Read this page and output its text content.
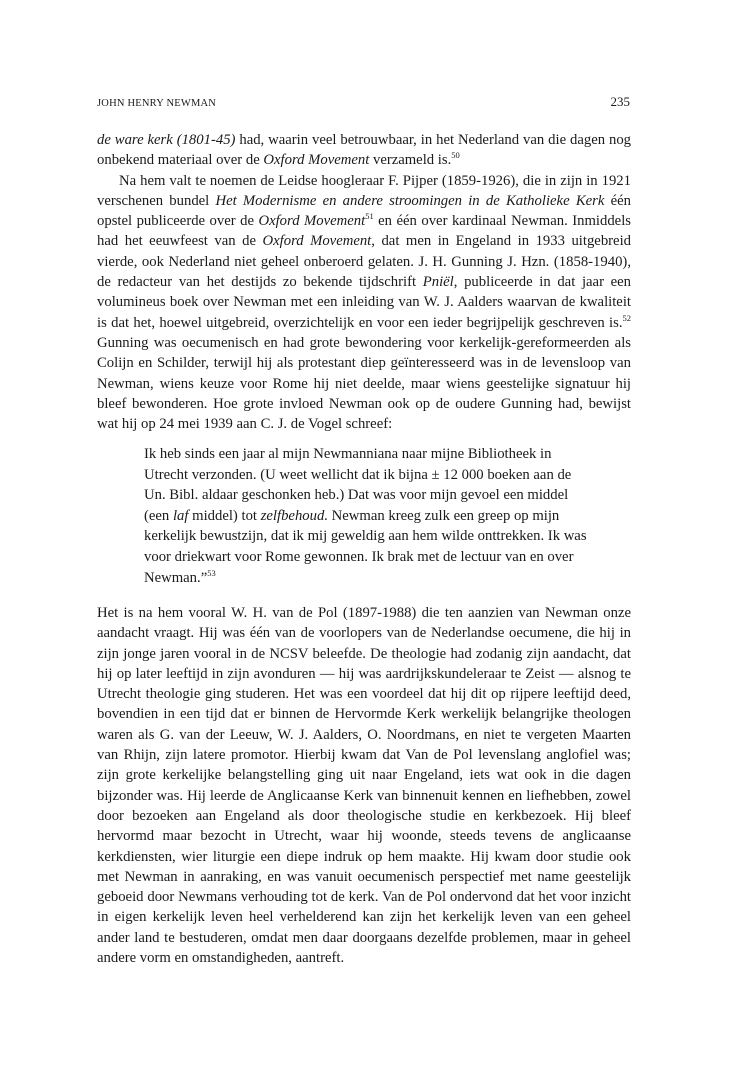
JOHN HENRY NEWMAN	235

de ware kerk (1801-45) had, waarin veel betrouwbaar, in het Nederland van die dagen nog onbekend materiaal over de Oxford Movement verzameld is.$^{50}$

Na hem valt te noemen de Leidse hoogleraar F. Pijper (1859-1926), die in zijn in 1921 verschenen bundel Het Modernisme en andere stroomingen in de Katholieke Kerk één opstel publiceerde over de Oxford Movement$^{51}$ en één over kardinaal Newman. Inmiddels had het eeuwfeest van de Oxford Movement, dat men in Engeland in 1933 uitgebreid vierde, ook Nederland niet geheel onberoerd gelaten. J. H. Gunning J. Hzn. (1858-1940), de redacteur van het destijds zo bekende tijdschrift Pniël, publiceerde in dat jaar een volumineus boek over Newman met een inleiding van W. J. Aalders waarvan de kwaliteit is dat het, hoewel uitgebreid, overzichtelijk en voor een ieder begrijpelijk geschreven is.$^{52}$ Gunning was oecumenisch en had grote bewondering voor kerkelijk-gereformeerden als Colijn en Schilder, terwijl hij als protestant diep geïnteresseerd was in de levensloop van Newman, wiens keuze voor Rome hij niet deelde, maar wiens geestelijke signatuur hij bleef bewonderen. Hoe grote invloed Newman ook op de oudere Gunning had, bewijst wat hij op 24 mei 1939 aan C. J. de Vogel schreef:

Ik heb sinds een jaar al mijn Newmanniana naar mijne Bibliotheek in Utrecht verzonden. (U weet wellicht dat ik bijna ± 12 000 boeken aan de Un. Bibl. aldaar geschonken heb.) Dat was voor mijn gevoel een middel (een laf middel) tot zelfbehoud. Newman kreeg zulk een greep op mijn kerkelijk bewustzijn, dat ik mij geweldig aan hem wilde onttrekken. Ik was voor driekwart voor Rome gewonnen. Ik brak met de lectuur van en over Newman.”$^{53}$

Het is na hem vooral W. H. van de Pol (1897-1988) die ten aanzien van Newman onze aandacht vraagt. Hij was één van de voorlopers van de Nederlandse oecumene, die hij in zijn jonge jaren vooral in de NCSV beleefde. De theologie had zodanig zijn aandacht, dat hij op later leeftijd in zijn avonduren — hij was aardrijkskundeleraar te Zeist — alsnog te Utrecht theologie ging studeren. Het was een voordeel dat hij dit op rijpere leeftijd deed, bovendien in een tijd dat er binnen de Hervormde Kerk werkelijk belangrijke theologen waren als G. van der Leeuw, W. J. Aalders, O. Noordmans, en niet te vergeten Maarten van Rhijn, zijn latere promotor. Hierbij kwam dat Van de Pol levenslang anglofiel was; zijn grote kerkelijke belangstelling ging uit naar Engeland, iets wat ook in die dagen bijzonder was. Hij leerde de Anglicaanse Kerk van binnenuit kennen en liefhebben, zowel door bezoeken aan Engeland als door theologische studie en kerkbezoek. Hij bleef hervormd maar bezocht in Utrecht, waar hij woonde, steeds tevens de anglicaanse kerkdiensten, wier liturgie een diepe indruk op hem maakte. Hij kwam door studie ook met Newman in aanraking, en was vanuit oecumenisch perspectief met name geestelijk geboeid door Newmans verhouding tot de kerk. Van de Pol ondervond dat het voor inzicht in eigen kerkelijk leven heel verhelderend kan zijn het kerkelijk leven van een geheel ander land te bestuderen, omdat men daar doorgaans dezelfde problemen, maar in geheel andere vorm en omstandigheden, aantreft.
